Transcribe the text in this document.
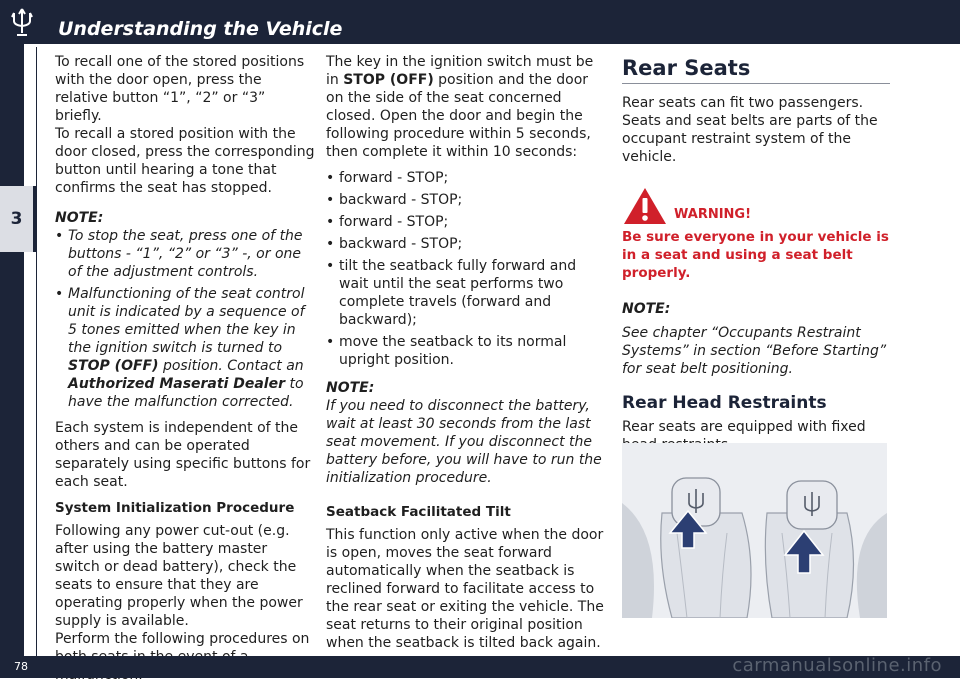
Understanding the Vehicle
3

To recall one of the stored positions with the door open, press the relative button “1”, “2” or “3” briefly.

To recall a stored position with the door closed, press the corresponding button until hearing a tone that confirms the seat has stopped.

NOTE:
• To stop the seat, press one of the buttons - “1”, “2” or “3” -, or one of the adjustment controls.
• Malfunctioning of the seat control unit is indicated by a sequence of 5 tones emitted when the key in the ignition switch is turned to STOP (OFF) position. Contact an Authorized Maserati Dealer to have the malfunction corrected.

Each system is independent of the others and can be operated separately using specific buttons for each seat.

System Initialization Procedure

Following any power cut-out (e.g. after using the battery master switch or dead battery), check the seats to ensure that they are operating properly when the power supply is available.

Perform the following procedures on

The key in the ignition switch must be in STOP (OFF) position and the door on the side of the seat concerned closed. Open the door and begin the following procedure within 5 seconds, then complete it within 10 seconds:

• forward - STOP;
• backward - STOP;
• forward - STOP;
• backward - STOP;
• tilt the seatback fully forward and wait until the seat performs two complete travels (forward and backward);
• move the seatback to its normal upright position.
NOTE:

If you need to disconnect the battery, wait at least 30 seconds from the last seat movement. If you disconnect the battery before, you will have to run the initialization procedure.

Seatback Facilitated Tilt

This function only active when the door is open, moves the seat forward automatically when the seatback is reclined forward to facilitate access to the rear seat or exiting the vehicle. The seat returns to their original position when the seatback is tilted back again.

Rear Seats

Rear seats can fit two passengers. Seats and seat belts are parts of the occupant restraint system of the vehicle.

WARNING!
Be sure everyone in your vehicle is in a seat and using a seat belt properly.
NOTE:

See chapter “Occupants Restraint Systems” in section “Before Starting” for seat belt positioning.

Rear Head Restraints

Rear seats are equipped with fixed

78	carmanualsonline.info
